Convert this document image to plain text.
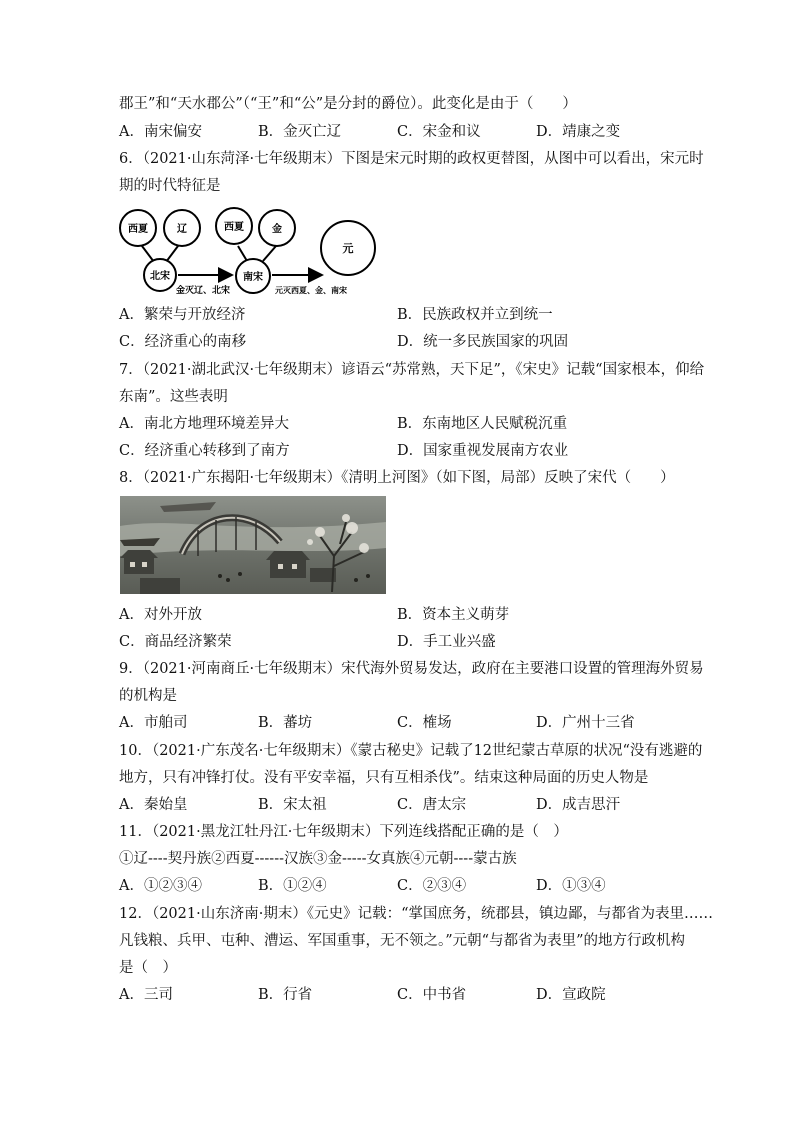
郡王”和“天水郡公”（“王”和“公”是分封的爵位）。此变化是由于（　　）
A．南宋偏安	B．金灭亡辽	C．宋金和议	D．靖康之变
6．（2021·山东菏泽·七年级期末）下图是宋元时期的政权更替图，从图中可以看出，宋元时
期的时代特征是
西夏	辽
北宋
西夏	金
南宋
元
金灭辽、北宋	元灭西夏、金、南宋
A．繁荣与开放经济	B．民族政权并立到统一
C．经济重心的南移	D．统一多民族国家的巩固
7．（2021·湖北武汉·七年级期末）谚语云“苏常熟，天下足”，《宋史》记载“国家根本，仰给
东南”。这些表明
A．南北方地理环境差异大	B．东南地区人民赋税沉重
C．经济重心转移到了南方	D．国家重视发展南方农业
8．（2021·广东揭阳·七年级期末）《清明上河图》（如下图，局部）反映了宋代（　　）
A．对外开放	B．资本主义萌芽
C．商品经济繁荣	D．手工业兴盛
9．（2021·河南商丘·七年级期末）宋代海外贸易发达，政府在主要港口设置的管理海外贸易
的机构是
A．市舶司	B．蕃坊	C．榷场	D．广州十三省
10．（2021·广东茂名·七年级期末）《蒙古秘史》记载了12世纪蒙古草原的状况“没有逃避的
地方，只有冲锋打仗。没有平安幸福，只有互相杀伐”。结束这种局面的历史人物是
A．秦始皇	B．宋太祖	C．唐太宗	D．成吉思汗
11．（2021·黑龙江牡丹江·七年级期末）下列连线搭配正确的是（　）
①辽----契丹族②西夏------汉族③金-----女真族④元朝----蒙古族
A．①②③④	B．①②④	C．②③④	D．①③④
12．（2021·山东济南·期末）《元史》记载：“掌国庶务，统郡县，镇边鄙，与都省为表里……
凡钱粮、兵甲、屯种、漕运、军国重事，无不领之。”元朝“与都省为表里”的地方行政机构
是（　）
A．三司	B．行省	C．中书省	D．宣政院
